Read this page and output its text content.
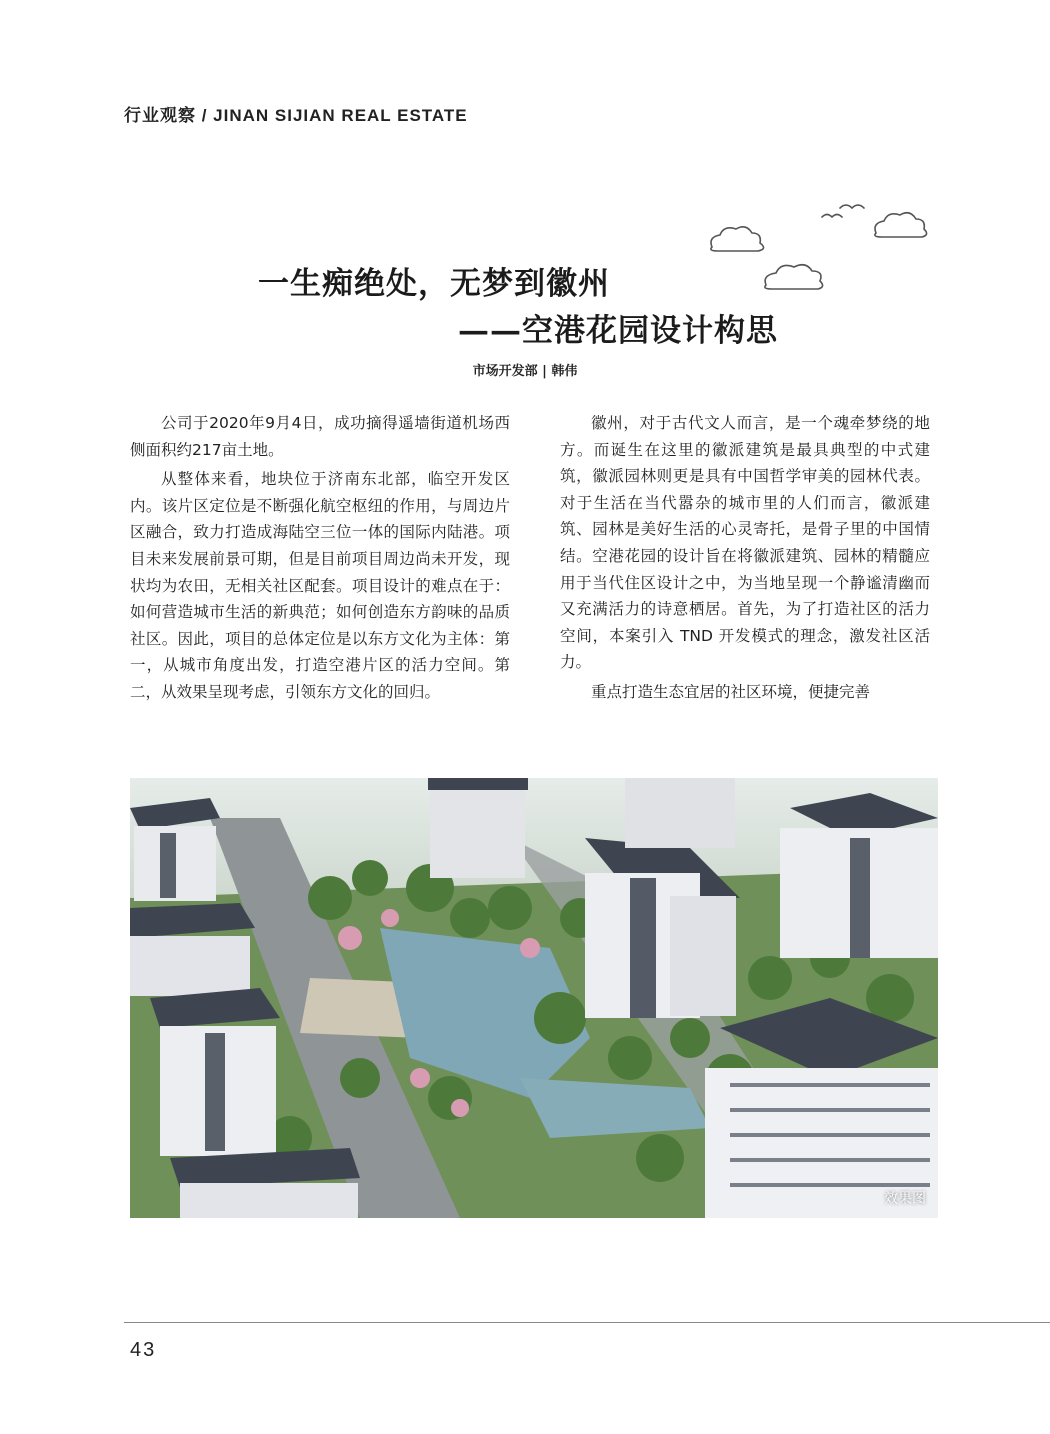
行业观察 / JINAN SIJIAN REAL ESTATE
一生痴绝处，无梦到徽州
——空港花园设计构思
市场开发部 | 韩伟

公司于2020年9月4日，成功摘得遥墙街道机场西侧面积约217亩土地。

从整体来看，地块位于济南东北部，临空开发区内。该片区定位是不断强化航空枢纽的作用，与周边片区融合，致力打造成海陆空三位一体的国际内陆港。项目未来发展前景可期，但是目前项目周边尚未开发，现状均为农田，无相关社区配套。项目设计的难点在于：如何营造城市生活的新典范；如何创造东方韵味的品质社区。因此，项目的总体定位是以东方文化为主体：第一，从城市角度出发，打造空港片区的活力空间。第二，从效果呈现考虑，引领东方文化的回归。

徽州，对于古代文人而言，是一个魂牵梦绕的地方。而诞生在这里的徽派建筑是最具典型的中式建筑，徽派园林则更是具有中国哲学审美的园林代表。对于生活在当代嚣杂的城市里的人们而言，徽派建筑、园林是美好生活的心灵寄托，是骨子里的中国情结。空港花园的设计旨在将徽派建筑、园林的精髓应用于当代住区设计之中，为当地呈现一个静谧清幽而又充满活力的诗意栖居。首先，为了打造社区的活力空间，本案引入 TND 开发模式的理念，激发社区活力。

重点打造生态宜居的社区环境，便捷完善

效果图
43
